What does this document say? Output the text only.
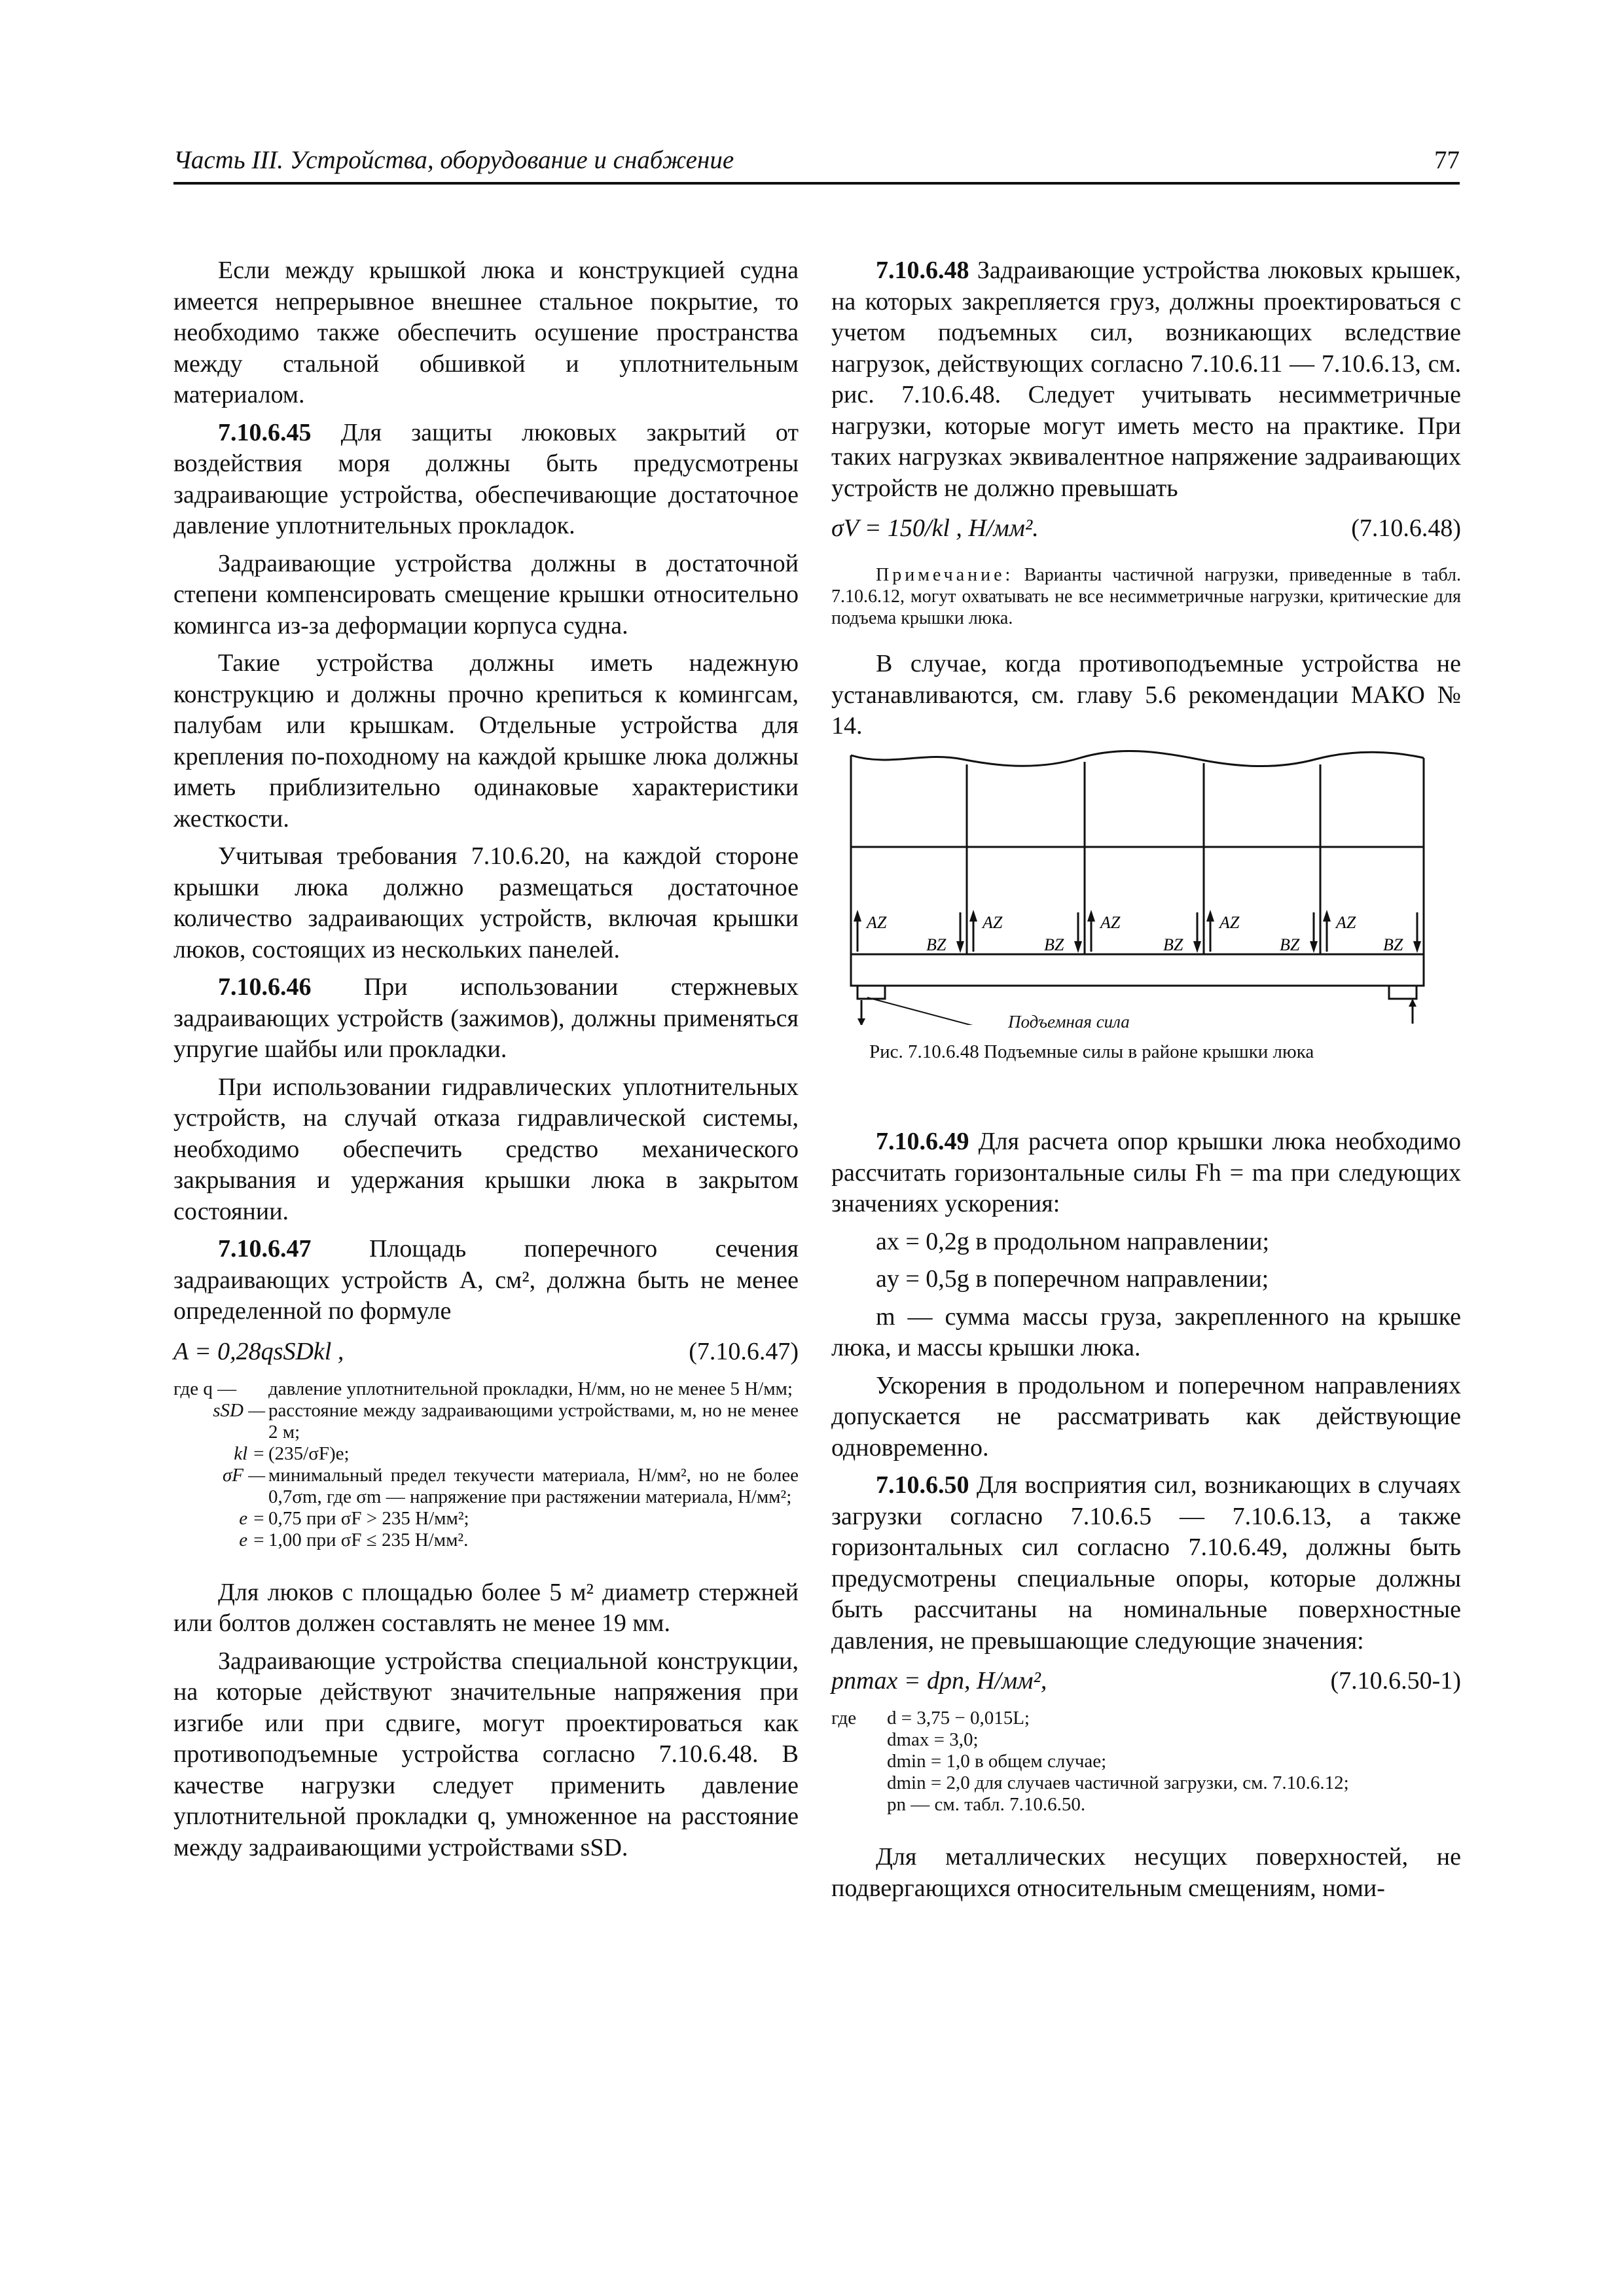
Часть III. Устройства, оборудование и снабжение	77

Если между крышкой люка и конструкцией судна имеется непрерывное внешнее стальное покрытие, то необходимо также обеспечить осушение пространства между стальной обшивкой и уплотнительным материалом.

7.10.6.45 Для защиты люковых закрытий от воздействия моря должны быть предусмотрены задраивающие устройства, обеспечивающие достаточное давление уплотнительных прокладок.

Задраивающие устройства должны в достаточной степени компенсировать смещение крышки относительно комингса из-за деформации корпуса судна.

Такие устройства должны иметь надежную конструкцию и должны прочно крепиться к комингсам, палубам или крышкам. Отдельные устройства для крепления по-походному на каждой крышке люка должны иметь приблизительно одинаковые характеристики жесткости.

Учитывая требования 7.10.6.20, на каждой стороне крышки люка должно размещаться достаточное количество задраивающих устройств, включая крышки люков, состоящих из нескольких панелей.

7.10.6.46 При использовании стержневых задраивающих устройств (зажимов), должны применяться упругие шайбы или прокладки.

При использовании гидравлических уплотнительных устройств, на случай отказа гидравлической системы, необходимо обеспечить средство механического закрывания и удержания крышки люка в закрытом состоянии.

7.10.6.47 Площадь поперечного сечения задраивающих устройств A, см², должна быть не менее определенной по формуле

A = 0,28qsSDkl ,	(7.10.6.47)
где q —	давление уплотнительной прокладки, Н/мм, но не менее 5 Н/мм;
sSD — расстояние между задраивающими устройствами, м, но не менее 2 м;
kl = (235/σF)e;
σF — минимальный предел текучести материала, Н/мм², но не более 0,7σm, где σm — напряжение при растяжении материала, Н/мм²;
e = 0,75 при σF > 235 Н/мм²;
e = 1,00 при σF ≤ 235 Н/мм².

Для люков с площадью более 5 м² диаметр стержней или болтов должен составлять не менее 19 мм.

Задраивающие устройства специальной конструкции, на которые действуют значительные напряжения при изгибе или при сдвиге, могут проектироваться как противоподъемные устройства согласно 7.10.6.48. В качестве нагрузки следует применить давление уплотнительной прокладки q, умноженное на расстояние между задраивающими устройствами sSD.

7.10.6.48 Задраивающие устройства люковых крышек, на которых закрепляется груз, должны проектироваться с учетом подъемных сил, возникающих вследствие нагрузок, действующих согласно 7.10.6.11 — 7.10.6.13, см. рис. 7.10.6.48. Следует учитывать несимметричные нагрузки, которые могут иметь место на практике. При таких нагрузках эквивалентное напряжение задраивающих устройств не должно превышать

σV = 150/kl , Н/мм².	(7.10.6.48)
Примечание: Варианты частичной нагрузки, приведенные в табл. 7.10.6.12, могут охватывать не все несимметричные нагрузки, критические для подъема крышки люка.

В случае, когда противоподъемные устройства не устанавливаются, см. главу 5.6 рекомендации МАКО № 14.

AZ
BZ
AZ
BZ
AZ
BZ
AZ
BZ
AZ
BZ
Подъемная сила
Рис. 7.10.6.48 Подъемные силы в районе крышки люка

7.10.6.49 Для расчета опор крышки люка необходимо рассчитать горизонтальные силы Fh = ma при следующих значениях ускорения:

ax = 0,2g в продольном направлении;

ay = 0,5g в поперечном направлении;

m — сумма массы груза, закрепленного на крышке люка, и массы крышки люка.

Ускорения в продольном и поперечном направлениях допускается не рассматривать как действующие одновременно.

7.10.6.50 Для восприятия сил, возникающих в случаях загрузки согласно 7.10.6.5 — 7.10.6.13, а также горизонтальных сил согласно 7.10.6.49, должны быть предусмотрены специальные опоры, которые должны быть рассчитаны на номинальные поверхностные давления, не превышающие следующие значения:

pnmax = dpn, Н/мм²,	(7.10.6.50-1)
где d = 3,75 − 0,015L;
dmax = 3,0;
dmin = 1,0 в общем случае;
dmin = 2,0 для случаев частичной загрузки, см. 7.10.6.12;
pn — см. табл. 7.10.6.50.

Для металлических несущих поверхностей, не подвергающихся относительным смещениям, номи-
